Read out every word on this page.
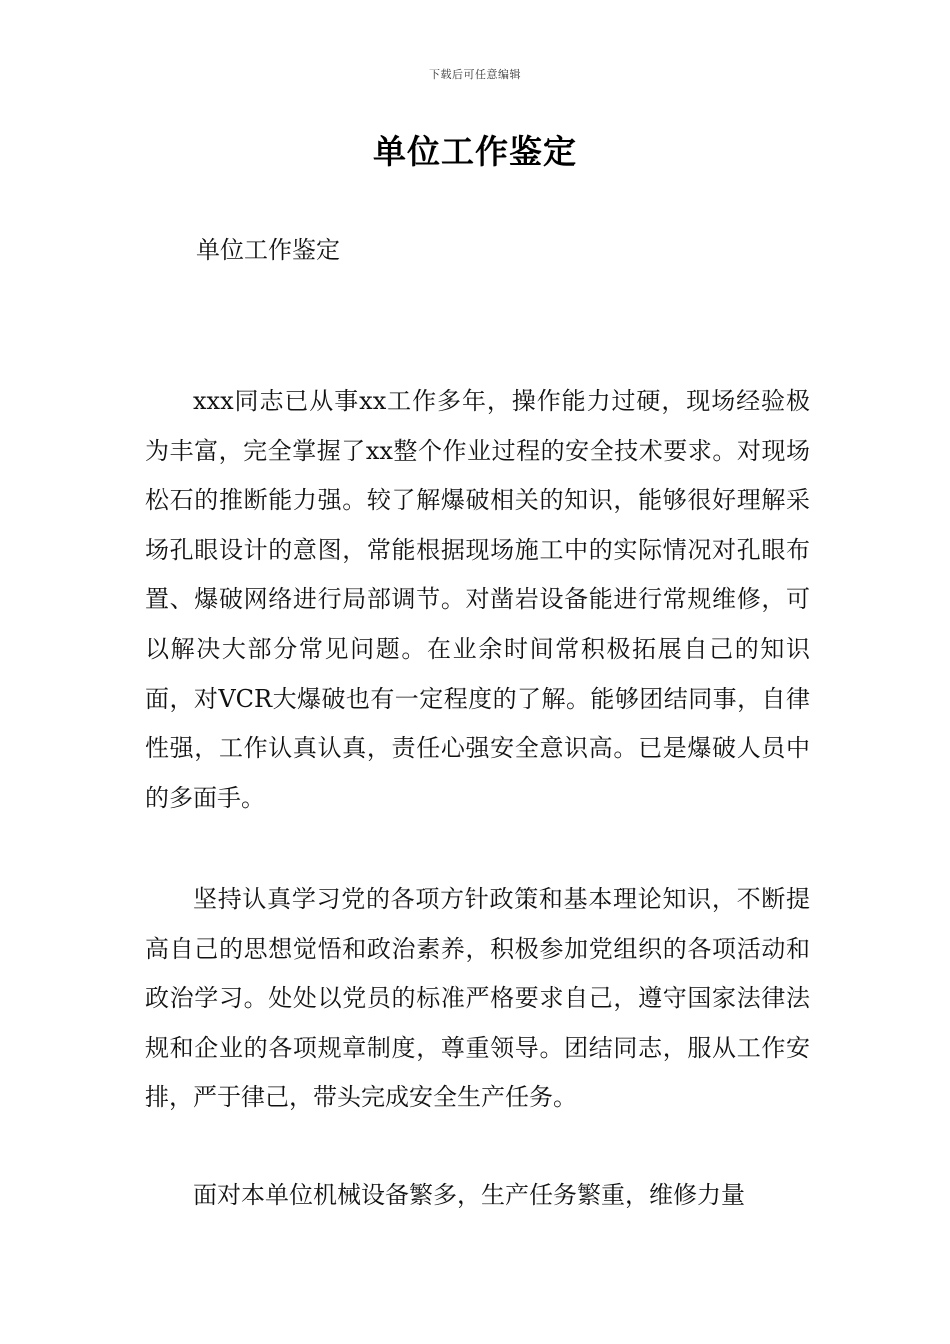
下载后可任意编辑
单位工作鉴定

单位工作鉴定

xxx同志已从事xx工作多年，操作能力过硬，现场经验极为丰富，完全掌握了xx整个作业过程的安全技术要求。对现场松石的推断能力强。较了解爆破相关的知识，能够很好理解采场孔眼设计的意图，常能根据现场施工中的实际情况对孔眼布置、爆破网络进行局部调节。对凿岩设备能进行常规维修，可以解决大部分常见问题。在业余时间常积极拓展自己的知识面，对VCR大爆破也有一定程度的了解。能够团结同事，自律性强，工作认真认真，责任心强安全意识高。已是爆破人员中的多面手。

坚持认真学习党的各项方针政策和基本理论知识，不断提高自己的思想觉悟和政治素养，积极参加党组织的各项活动和政治学习。处处以党员的标准严格要求自己，遵守国家法律法规和企业的各项规章制度，尊重领导。团结同志，服从工作安排，严于律己，带头完成安全生产任务。

面对本单位机械设备繁多，生产任务繁重，维修力量
